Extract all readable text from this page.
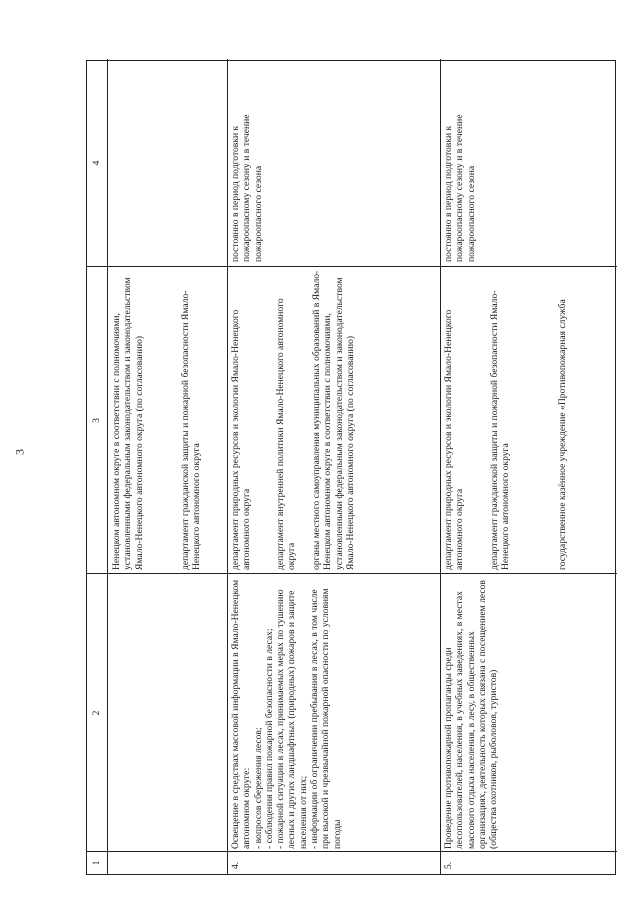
3
1
2
3
4
Ненецком автономном округе в соответствии с полномочиями, установленными федеральным законодательством и законодательством Ямало-Ненецкого автономного округа (по согласованию)	департамент гражданской защиты и пожарной безопасности Ямало-Ненецкого автономного округа
4.
Освещение в средствах массовой информации в Ямало-Ненецком автономном округе:
- вопросов сбережения лесов;
- соблюдения правил пожарной безопасности в лесах;
- пожарной ситуации в лесах, принимаемых мерах по тушению лесных и других ландшафтных (природных) пожаров и защите населения от них;
- информации об ограничении пребывания в лесах, в том числе при высокой и чрезвычайной пожарной опасности по условиям погоды
департамент природных ресурсов и экологии Ямало-Ненецкого автономного округа департамент внутренней политики Ямало-Ненецкого автономного округа органы местного самоуправления муниципальных образований в Ямало-Ненецком автономном округе в соответствии с полномочиями, установленными федеральным законодательством и законодательством Ямало-Ненецкого автономного округа (по согласованию)
постоянно в период подготовки к пожароопасному сезону и в течение пожароопасного сезона
5.
Проведение противопожарной пропаганды среди лесопользователей, населения, в учебных заведениях, в местах массового отдыха населения, в лесу, в общественных организациях, деятельность которых связана с посещением лесов (общества охотников, рыболовов, туристов)
департамент природных ресурсов и экологии Ямало-Ненецкого автономного округа департамент гражданской защиты и пожарной безопасности Ямало-Ненецкого автономного округа	государственное казённое учреждение «Противопожарная служба
постоянно в период подготовки к пожароопасному сезону и в течение пожароопасного сезона
